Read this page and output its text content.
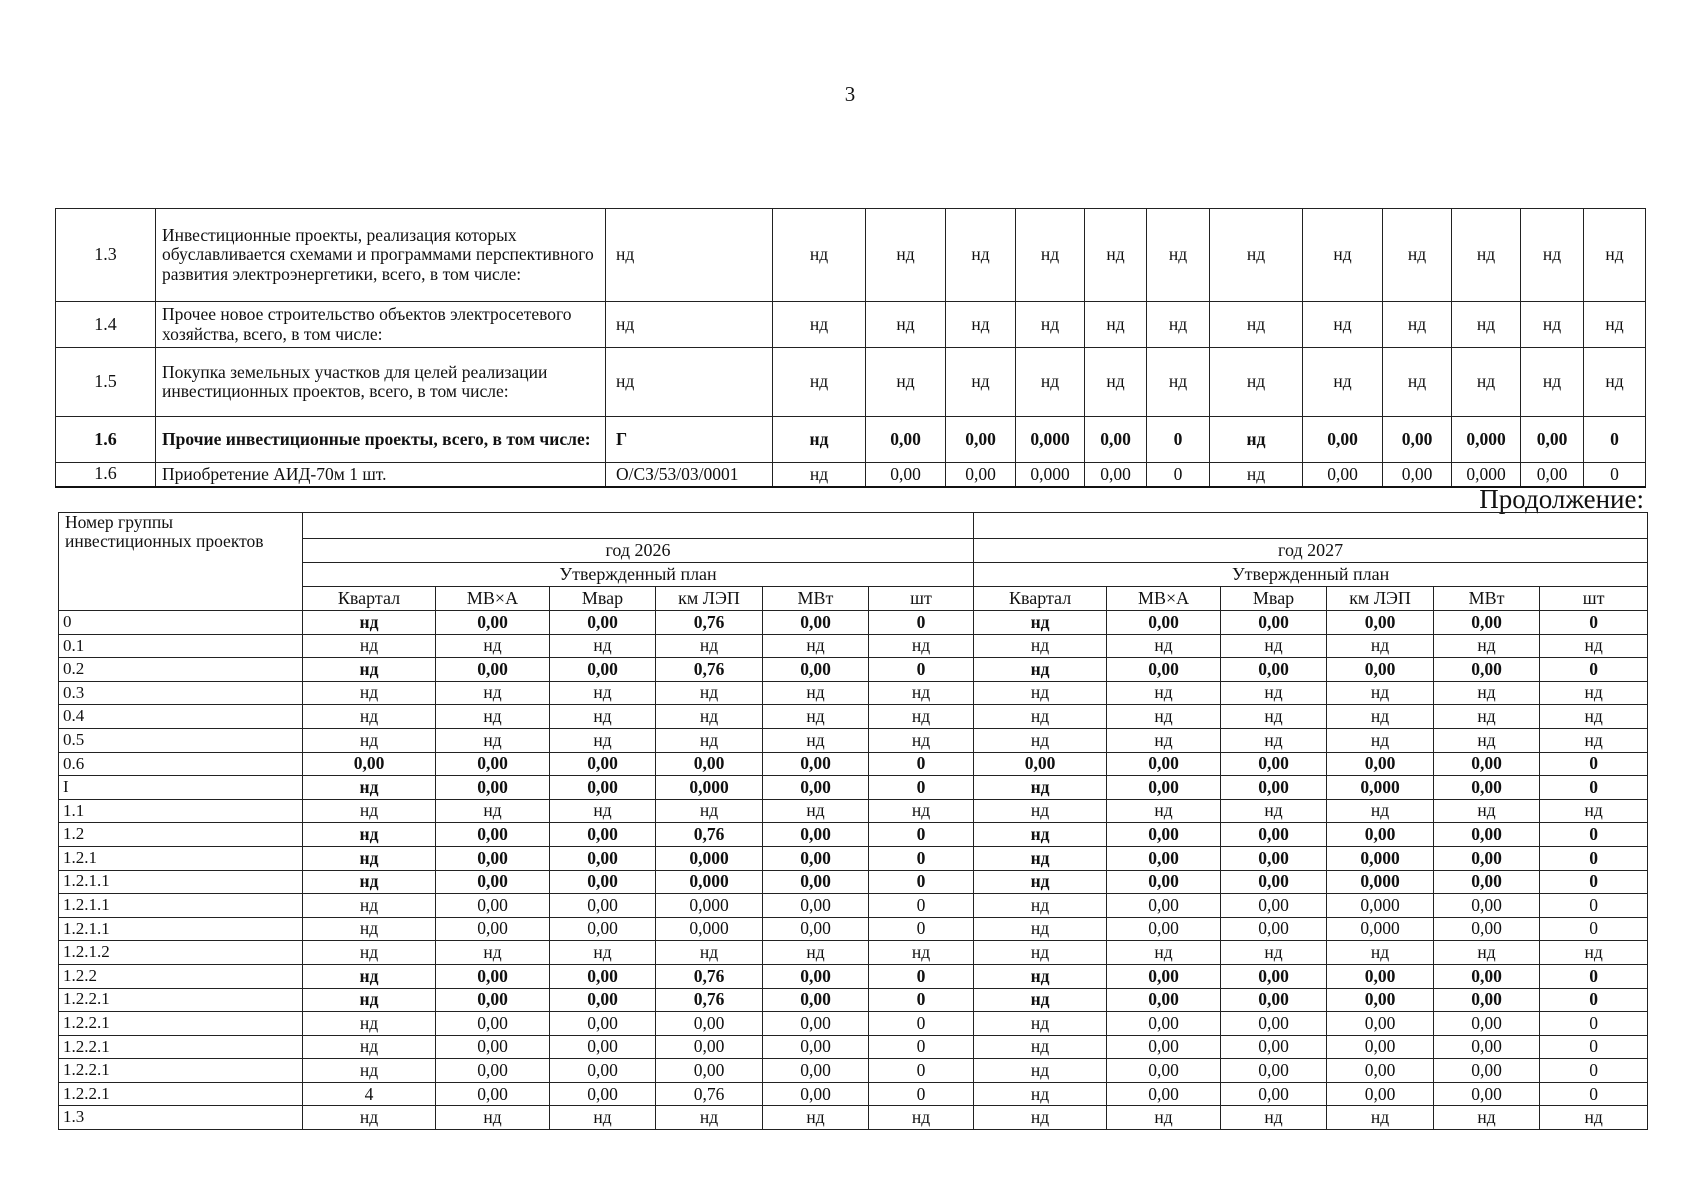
3
1.3	Инвестиционные проекты, реализация которых обуславливается схемами и программами перспективного развития электроэнергетики, всего, в том числе:	нд	нд	нд	нд	нд	нд	нд	нд	нд	нд	нд	нд	нд
1.4	Прочее новое строительство объектов электросетевого хозяйства, всего, в том числе:	нд	нд	нд	нд	нд	нд	нд	нд	нд	нд	нд	нд	нд
1.5	Покупка земельных участков для целей реализации инвестиционных проектов, всего, в том числе:	нд	нд	нд	нд	нд	нд	нд	нд	нд	нд	нд	нд	нд
1.6	Прочие инвестиционные проекты, всего, в том числе:	Г	нд	0,00	0,00	0,000	0,00	0	нд	0,00	0,00	0,000	0,00	0
1.6	Приобретение АИД-70м 1 шт.	О/СЗ/53/03/0001	нд	0,00	0,00	0,000	0,00	0	нд	0,00	0,00	0,000	0,00	0
Продолжение:
Номер группы инвестиционных проектов												
	год 2026						год 2027					
	Утвержденный план						Утвержденный план					
	Квартал	МВ×А	Мвар	км ЛЭП	МВт	шт	Квартал	МВ×А	Мвар	км ЛЭП	МВт	шт
0	нд	0,00	0,00	0,76	0,00	0	нд	0,00	0,00	0,00	0,00	0
0.1	нд	нд	нд	нд	нд	нд	нд	нд	нд	нд	нд	нд
0.2	нд	0,00	0,00	0,76	0,00	0	нд	0,00	0,00	0,00	0,00	0
0.3	нд	нд	нд	нд	нд	нд	нд	нд	нд	нд	нд	нд
0.4	нд	нд	нд	нд	нд	нд	нд	нд	нд	нд	нд	нд
0.5	нд	нд	нд	нд	нд	нд	нд	нд	нд	нд	нд	нд
0.6	0,00	0,00	0,00	0,00	0,00	0	0,00	0,00	0,00	0,00	0,00	0
I	нд	0,00	0,00	0,000	0,00	0	нд	0,00	0,00	0,000	0,00	0
1.1	нд	нд	нд	нд	нд	нд	нд	нд	нд	нд	нд	нд
1.2	нд	0,00	0,00	0,76	0,00	0	нд	0,00	0,00	0,00	0,00	0
1.2.1	нд	0,00	0,00	0,000	0,00	0	нд	0,00	0,00	0,000	0,00	0
1.2.1.1	нд	0,00	0,00	0,000	0,00	0	нд	0,00	0,00	0,000	0,00	0
1.2.1.1	нд	0,00	0,00	0,000	0,00	0	нд	0,00	0,00	0,000	0,00	0
1.2.1.1	нд	0,00	0,00	0,000	0,00	0	нд	0,00	0,00	0,000	0,00	0
1.2.1.2	нд	нд	нд	нд	нд	нд	нд	нд	нд	нд	нд	нд
1.2.2	нд	0,00	0,00	0,76	0,00	0	нд	0,00	0,00	0,00	0,00	0
1.2.2.1	нд	0,00	0,00	0,76	0,00	0	нд	0,00	0,00	0,00	0,00	0
1.2.2.1	нд	0,00	0,00	0,00	0,00	0	нд	0,00	0,00	0,00	0,00	0
1.2.2.1	нд	0,00	0,00	0,00	0,00	0	нд	0,00	0,00	0,00	0,00	0
1.2.2.1	нд	0,00	0,00	0,00	0,00	0	нд	0,00	0,00	0,00	0,00	0
1.2.2.1	4	0,00	0,00	0,76	0,00	0	нд	0,00	0,00	0,00	0,00	0
1.3	нд	нд	нд	нд	нд	нд	нд	нд	нд	нд	нд	нд
